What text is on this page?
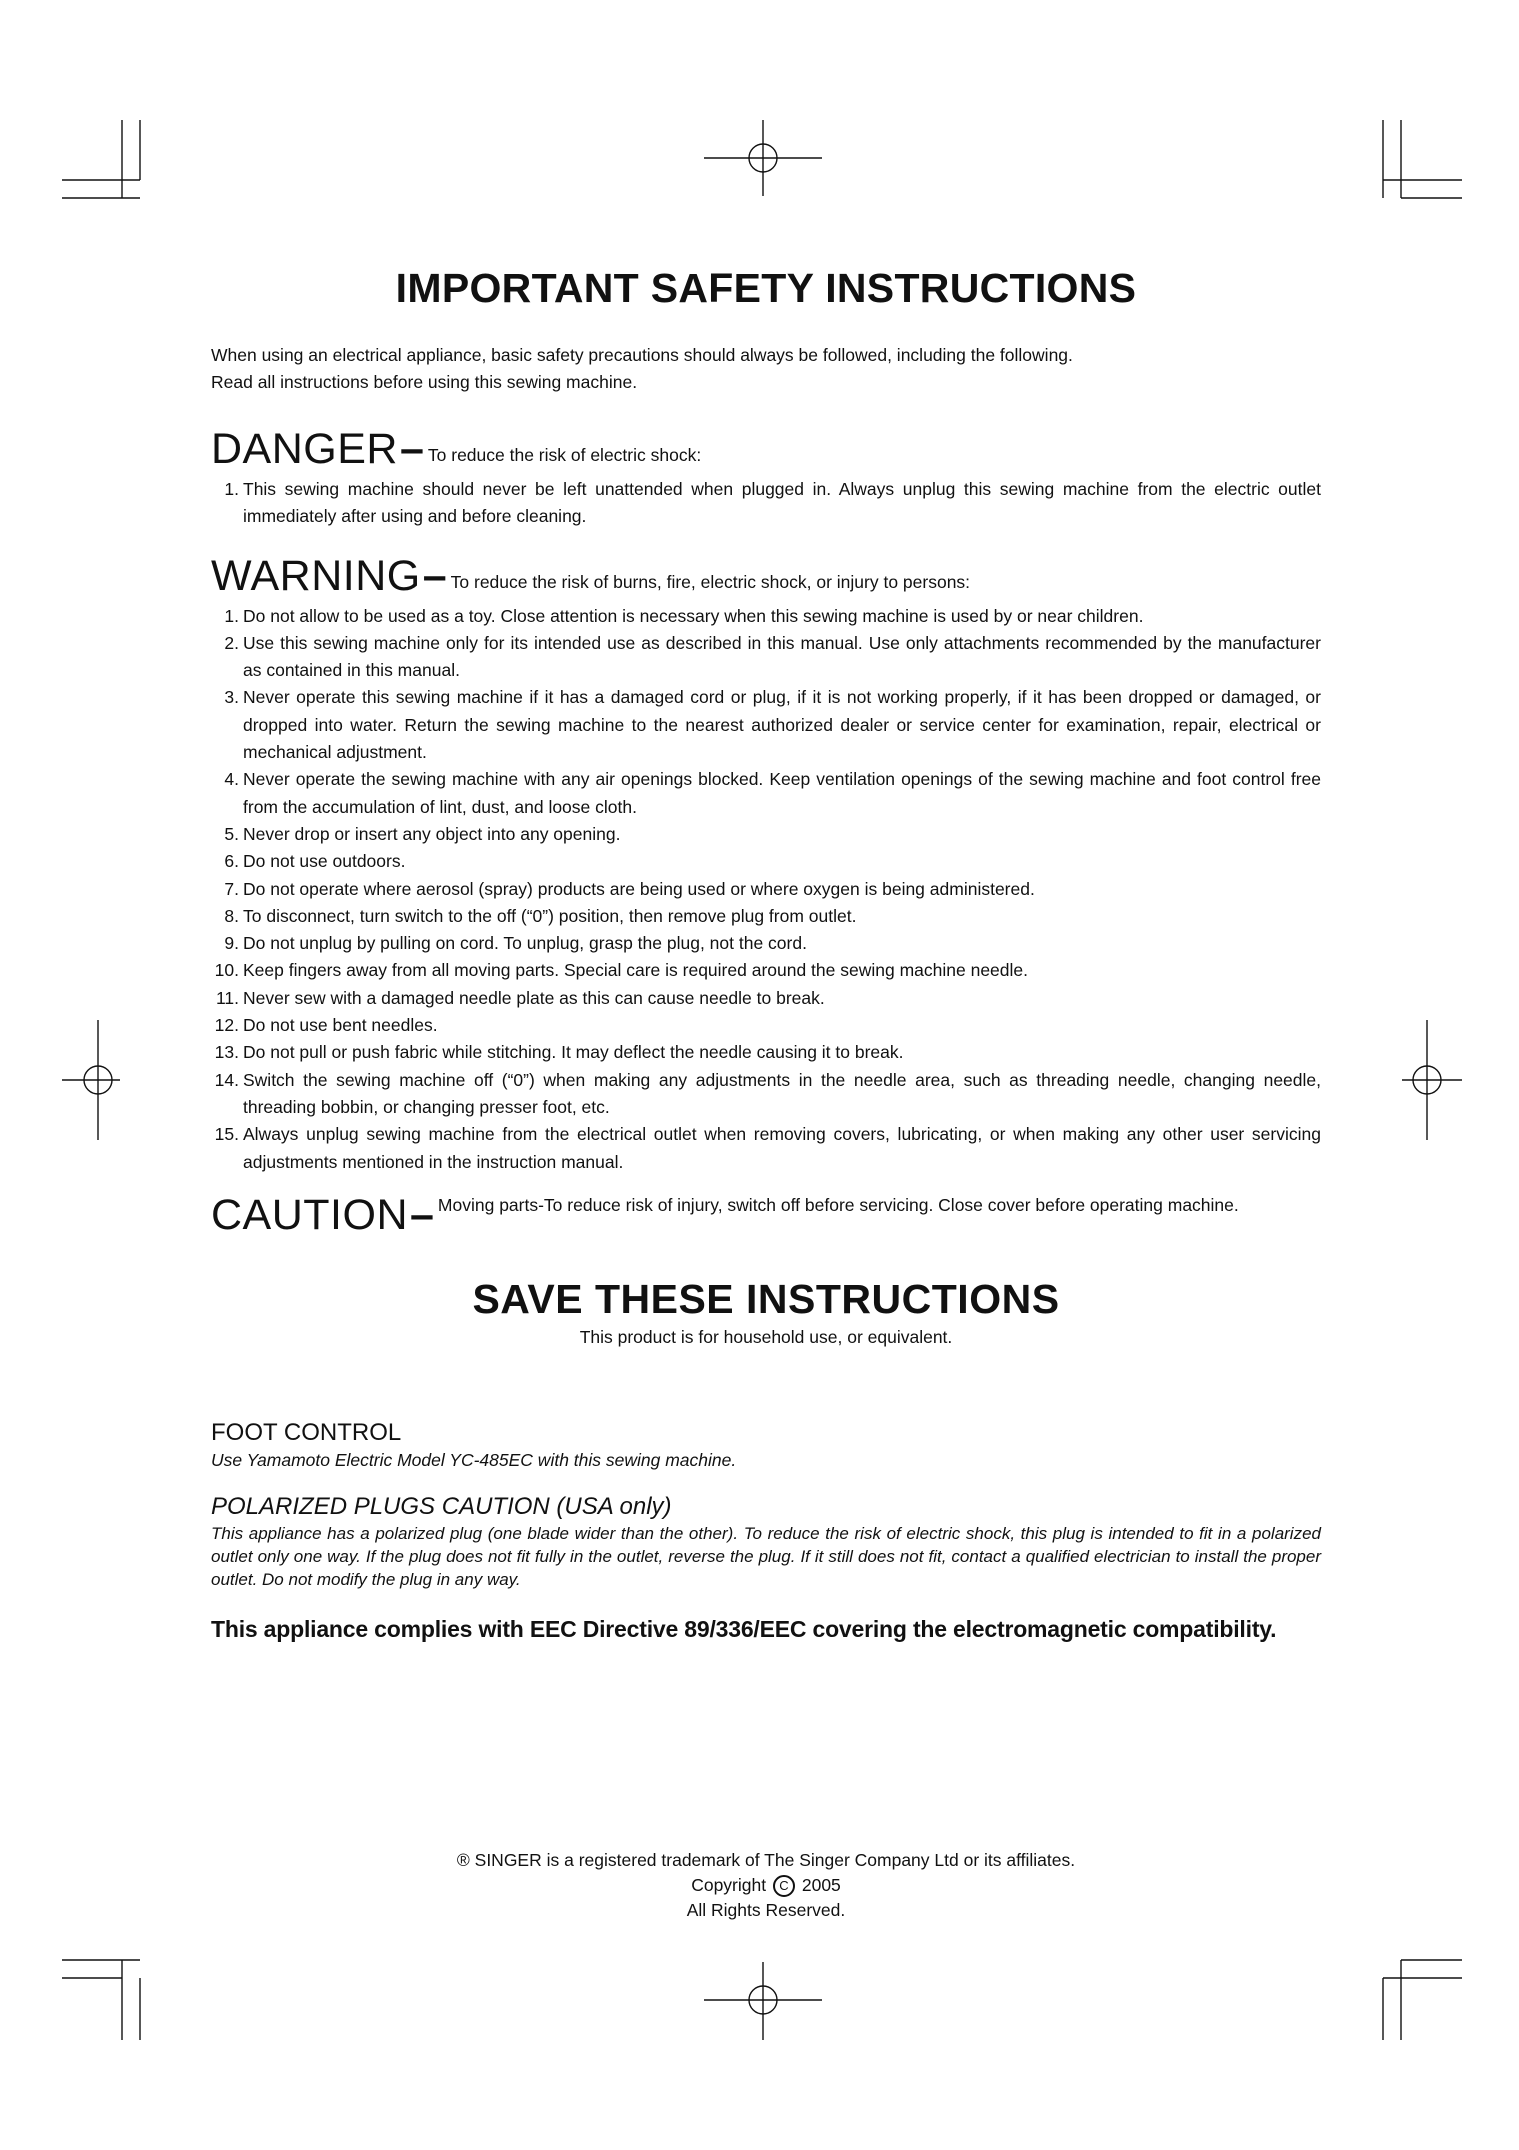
IMPORTANT SAFETY INSTRUCTIONS
When using an electrical appliance, basic safety precautions should always be followed, including the following.
Read all instructions before using this sewing machine.
DANGER – To reduce the risk of electric shock:
1. This sewing machine should never be left unattended when plugged in. Always unplug this sewing machine from the electric outlet immediately after using and before cleaning.
WARNING – To reduce the risk of burns, fire, electric shock, or injury to persons:
1. Do not allow to be used as a toy. Close attention is necessary when this sewing machine is used by or near children.
2. Use this sewing machine only for its intended use as described in this manual. Use only attachments recommended by the manufacturer as contained in this manual.
3. Never operate this sewing machine if it has a damaged cord or plug, if it is not working properly, if it has been dropped or damaged, or dropped into water. Return the sewing machine to the nearest authorized dealer or service center for examination, repair, electrical or mechanical adjustment.
4. Never operate the sewing machine with any air openings blocked. Keep ventilation openings of the sewing machine and foot control free from the accumulation of lint, dust, and loose cloth.
5. Never drop or insert any object into any opening.
6. Do not use outdoors.
7. Do not operate where aerosol (spray) products are being used or where oxygen is being administered.
8. To disconnect, turn switch to the off (“0”) position, then remove plug from outlet.
9. Do not unplug by pulling on cord. To unplug, grasp the plug, not the cord.
10. Keep fingers away from all moving parts. Special care is required around the sewing machine needle.
11. Never sew with a damaged needle plate as this can cause needle to break.
12. Do not use bent needles.
13. Do not pull or push fabric while stitching. It may deflect the needle causing it to break.
14. Switch the sewing machine off (“0”) when making any adjustments in the needle area, such as threading needle, changing needle, threading bobbin, or changing presser foot, etc.
15. Always unplug sewing machine from the electrical outlet when removing covers, lubricating, or when making any other user servicing adjustments mentioned in the instruction manual.
CAUTION – Moving parts-To reduce risk of injury, switch off before servicing. Close cover before operating machine.
SAVE THESE INSTRUCTIONS
This product is for household use, or equivalent.
FOOT CONTROL
Use Yamamoto Electric Model YC-485EC with this sewing machine.
POLARIZED PLUGS CAUTION (USA only)
This appliance has a polarized plug (one blade wider than the other). To reduce the risk of electric shock, this plug is intended to fit in a polarized outlet only one way. If the plug does not fit fully in the outlet, reverse the plug. If it still does not fit, contact a qualified electrician to install the proper outlet. Do not modify the plug in any way.
This appliance complies with EEC Directive 89/336/EEC covering the electromagnetic compatibility.
® SINGER is a registered trademark of The Singer Company Ltd or its affiliates.
Copyright C 2005
All Rights Reserved.
